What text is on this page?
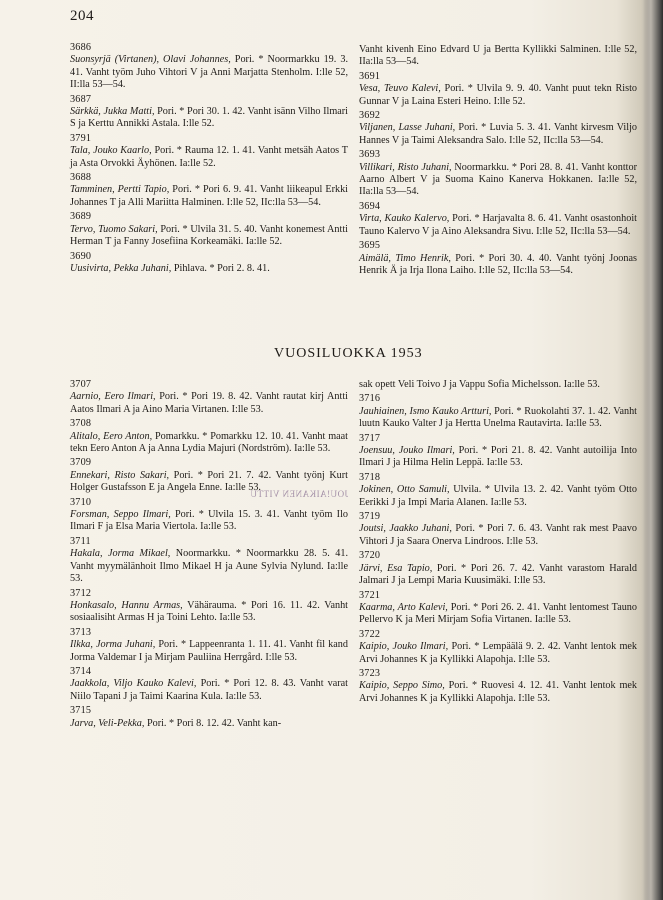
204
3686
Suonsyrjä (Virtanen), Olavi Johannes, Pori. * Noormarkku 19. 3. 41. Vanht työm Juho Vihtori V ja Anni Marjatta Stenholm. I:lle 52, II:lla 53—54.
3687
Särkkä, Jukka Matti, Pori. * Pori 30. 1. 42. Vanht isänn Vilho Ilmari S ja Kerttu Annikki Astala. I:lle 52.
3791
Tala, Jouko Kaarlo, Pori. * Rauma 12. 1. 41. Vanht metsäh Aatos T ja Asta Orvokki Äyhönen. Ia:lle 52.
3688
Tamminen, Pertti Tapio, Pori. * Pori 6. 9. 41. Vanht liikeapul Erkki Johannes T ja Alli Mariitta Halminen. I:lle 52, IIc:lla 53—54.
3689
Tervo, Tuomo Sakari, Pori. * Ulvila 31. 5. 40. Vanht konemest Antti Herman T ja Fanny Josefiina Korkeamäki. Ia:lle 52.
3690
Uusivirta, Pekka Juhani, Pihlava. * Pori 2. 8. 41.
Vanht kivenh Eino Edvard U ja Bertta Kyllikki Salminen. I:lle 52, IIa:lla 53—54.
3691
Vesa, Teuvo Kalevi, Pori. * Ulvila 9. 9. 40. Vanht puut tekn Risto Gunnar V ja Laina Esteri Heino. I:lle 52.
3692
Viljanen, Lasse Juhani, Pori. * Luvia 5. 3. 41. Vanht kirvesm Viljo Hannes V ja Taimi Aleksandra Salo. I:lle 52, IIc:lla 53—54.
3693
Villikari, Risto Juhani, Noormarkku. * Pori 28. 8. 41. Vanht konttor Aarno Albert V ja Suoma Kaino Kanerva Hokkanen. Ia:lle 52, IIa:lla 53—54.
3694
Virta, Kauko Kalervo, Pori. * Harjavalta 8. 6. 41. Vanht osastonhoit Tauno Kalervo V ja Aino Aleksandra Sivu. I:lle 52, IIc:lla 53—54.
3695
Aimälä, Timo Henrik, Pori. * Pori 30. 4. 40. Vanht työnj Joonas Henrik Ä ja Irja Ilona Laiho. I:lle 52, IIc:lla 53—54.
VUOSILUOKKA 1953
3707
Aarnio, Eero Ilmari, Pori. * Pori 19. 8. 42. Vanht rautat kirj Antti Aatos Ilmari A ja Aino Maria Virtanen. I:lle 53.
3708
Alitalo, Eero Anton, Pomarkku. * Pomarkku 12. 10. 41. Vanht maat tekn Eero Anton A ja Anna Lydia Majuri (Nordström). Ia:lle 53.
3709
Ennekari, Risto Sakari, Pori. * Pori 21. 7. 42. Vanht työnj Kurt Holger Gustafsson E ja Angela Enne. Ia:lle 53.
3710
Forsman, Seppo Ilmari, Pori. * Ulvila 15. 3. 41. Vanht työm Ilo Ilmari F ja Elsa Maria Viertola. Ia:lle 53.
3711
Hakala, Jorma Mikael, Noormarkku. * Noormarkku 28. 5. 41. Vanht myymälänhoit Ilmo Mikael H ja Aune Sylvia Nylund. Ia:lle 53.
3712
Honkasalo, Hannu Armas, Vähärauma. * Pori 16. 11. 42. Vanht sosiaalisiht Armas H ja Toini Lehto. Ia:lle 53.
3713
Ilkka, Jorma Juhani, Pori. * Lappeenranta 1. 11. 41. Vanht fil kand Jorma Valdemar I ja Mirjam Pauliina Herrgård. I:lle 53.
3714
Jaakkola, Viljo Kauko Kalevi, Pori. * Pori 12. 8. 43. Vanht varat Niilo Tapani J ja Taimi Kaarina Kula. Ia:lle 53.
3715
Jarva, Veli-Pekka, Pori. * Pori 8. 12. 42. Vanht kan-
sak opett Veli Toivo J ja Vappu Sofia Michelsson. Ia:lle 53.
3716
Jauhiainen, Ismo Kauko Artturi, Pori. * Ruokolahti 37. 1. 42. Vanht luutn Kauko Valter J ja Hertta Unelma Rautavirta. Ia:lle 53.
3717
Joensuu, Jouko Ilmari, Pori. * Pori 21. 8. 42. Vanht autoilija Into Ilmari J ja Hilma Helin Leppä. Ia:lle 53.
3718
Jokinen, Otto Samuli, Ulvila. * Ulvila 13. 2. 42. Vanht työm Otto Eerikki J ja Impi Maria Alanen. Ia:lle 53.
3719
Joutsi, Jaakko Juhani, Pori. * Pori 7. 6. 43. Vanht rak mest Paavo Vihtori J ja Saara Onerva Lindroos. I:lle 53.
3720
Järvi, Esa Tapio, Pori. * Pori 26. 7. 42. Vanht varastom Harald Jalmari J ja Lempi Maria Kuusimäki. I:lle 53.
3721
Kaarma, Arto Kalevi, Pori. * Pori 26. 2. 41. Vanht lentomest Tauno Pellervo K ja Meri Mirjam Sofia Virtanen. Ia:lle 53.
3722
Kaipio, Jouko Ilmari, Pori. * Lempäälä 9. 2. 42. Vanht lentok mek Arvi Johannes K ja Kyllikki Alapohja. I:lle 53.
3723
Kaipio, Seppo Simo, Pori. * Ruovesi 4. 12. 41. Vanht lentok mek Arvi Johannes K ja Kyllikki Alapohja. I:lle 53.
JOU!AIKANEN VITTU
